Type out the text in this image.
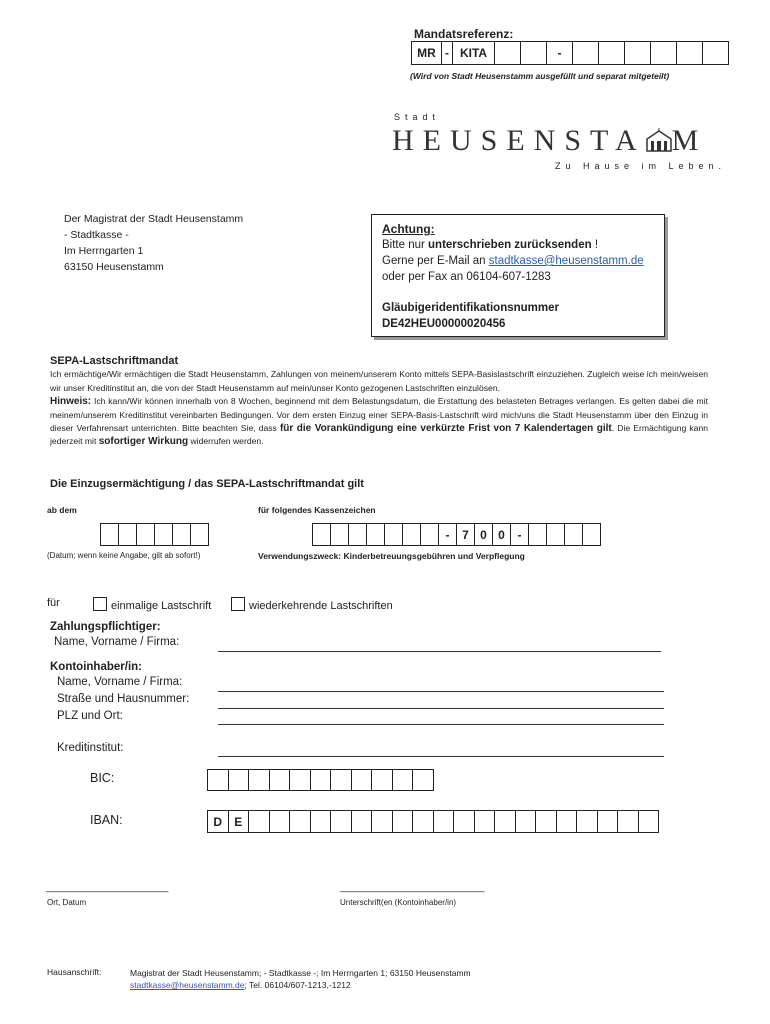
Mandatsreferenz:
MR - KITA	-
(Wird von Stadt Heusenstamm ausgefüllt und separat mitgeteilt)
Stadt
HEUSENSTA M
Zu Hause im Leben.
Der Magistrat der Stadt Heusenstamm
- Stadtkasse -
Im Herrngarten 1
63150 Heusenstamm
Achtung:
Bitte nur unterschrieben zurücksenden !
Gerne per E-Mail an stadtkasse@heusenstamm.de
oder per Fax an 06104-607-1283
Gläubigeridentifikationsnummer
DE42HEU00000020456
SEPA-Lastschriftmandat
Ich ermächtige/Wir ermächtigen die Stadt Heusenstamm, Zahlungen von meinem/unserem Konto mittels SEPA-Basislastschrift einzuziehen. Zugleich weise ich mein/weisen wir unser Kreditinstitut an, die von der Stadt Heusenstamm auf mein/unser Konto gezogenen Lastschriften einzulösen.
Hinweis: Ich kann/Wir können innerhalb von 8 Wochen, beginnend mit dem Belastungsdatum, die Erstattung des belasteten Betrages verlangen. Es gelten dabei die mit meinem/unserem Kreditinstitut vereinbarten Bedingungen. Vor dem ersten Einzug einer SEPA-Basis-Lastschrift wird mich/uns die Stadt Heusenstamm über den Einzug in dieser Verfahrensart unterrichten. Bitte beachten Sie, dass für die Vorankündigung eine verkürzte Frist von 7 Kalendertagen gilt. Die Ermächtigung kann jederzeit mit sofortiger Wirkung widerrufen werden.
Die Einzugsermächtigung / das SEPA-Lastschriftmandat gilt
ab dem
(Datum; wenn keine Angabe, gilt ab sofort!)
für folgendes Kassenzeichen
-	7 0 0	-
Verwendungszweck: Kinderbetreuungsgebühren und Verpflegung
für	einmalige Lastschrift	wiederkehrende Lastschriften
Zahlungspflichtiger:
Name, Vorname / Firma:
Kontoinhaber/in:
Name, Vorname / Firma:
Straße und Hausnummer:
PLZ und Ort:
Kreditinstitut:
BIC:
IBAN:	D	E
______________________
Ort, Datum
__________________________
Unterschrift(en (Kontoinhaber/in)
Hausanschrift:	Magistrat der Stadt Heusenstamm; - Stadtkasse -; Im Herrngarten 1; 63150 Heusenstamm
stadtkasse@heusenstamm.de; Tel. 06104/607-1213,-1212
